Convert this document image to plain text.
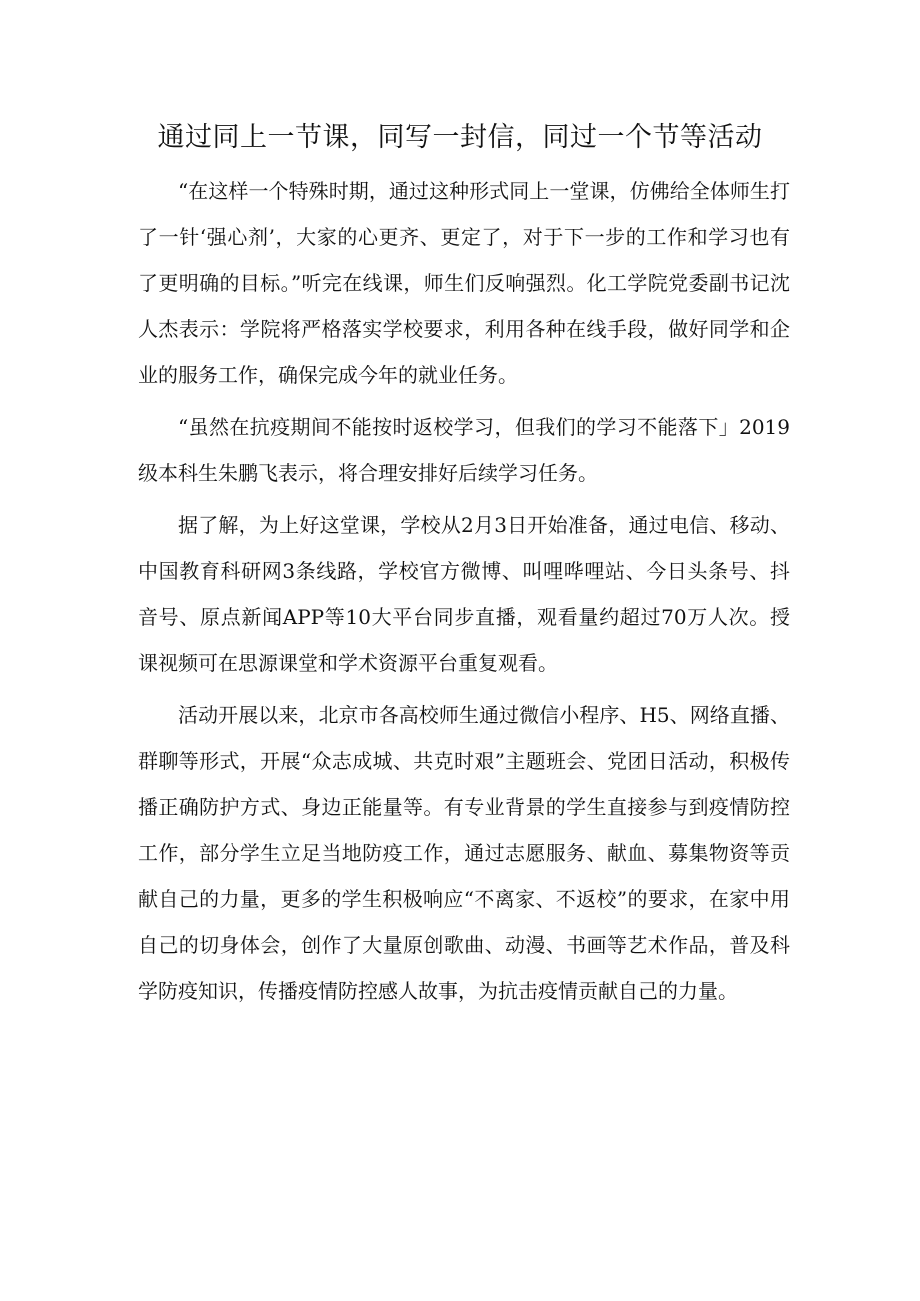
通过同上一节课，同写一封信，同过一个节等活动

“在这样一个特殊时期，通过这种形式同上一堂课，仿佛给全体师生打了一针‘强心剂’，大家的心更齐、更定了，对于下一步的工作和学习也有了更明确的目标。”听完在线课，师生们反响强烈。化工学院党委副书记沈人杰表示：学院将严格落实学校要求，利用各种在线手段，做好同学和企业的服务工作，确保完成今年的就业任务。

“虽然在抗疫期间不能按时返校学习，但我们的学习不能落下」2019级本科生朱鹏飞表示，将合理安排好后续学习任务。

据了解，为上好这堂课，学校从2月3日开始准备，通过电信、移动、中国教育科研网3条线路，学校官方微博、叫哩哗哩站、今日头条号、抖音号、原点新闻APP等10大平台同步直播，观看量约超过70万人次。授课视频可在思源课堂和学术资源平台重复观看。

活动开展以来，北京市各高校师生通过微信小程序、H5、网络直播、群聊等形式，开展“众志成城、共克时艰”主题班会、党团日活动，积极传播正确防护方式、身边正能量等。有专业背景的学生直接参与到疫情防控工作，部分学生立足当地防疫工作，通过志愿服务、献血、募集物资等贡献自己的力量，更多的学生积极响应“不离家、不返校”的要求，在家中用自己的切身体会，创作了大量原创歌曲、动漫、书画等艺术作品，普及科学防疫知识，传播疫情防控感人故事，为抗击疫情贡献自己的力量。
